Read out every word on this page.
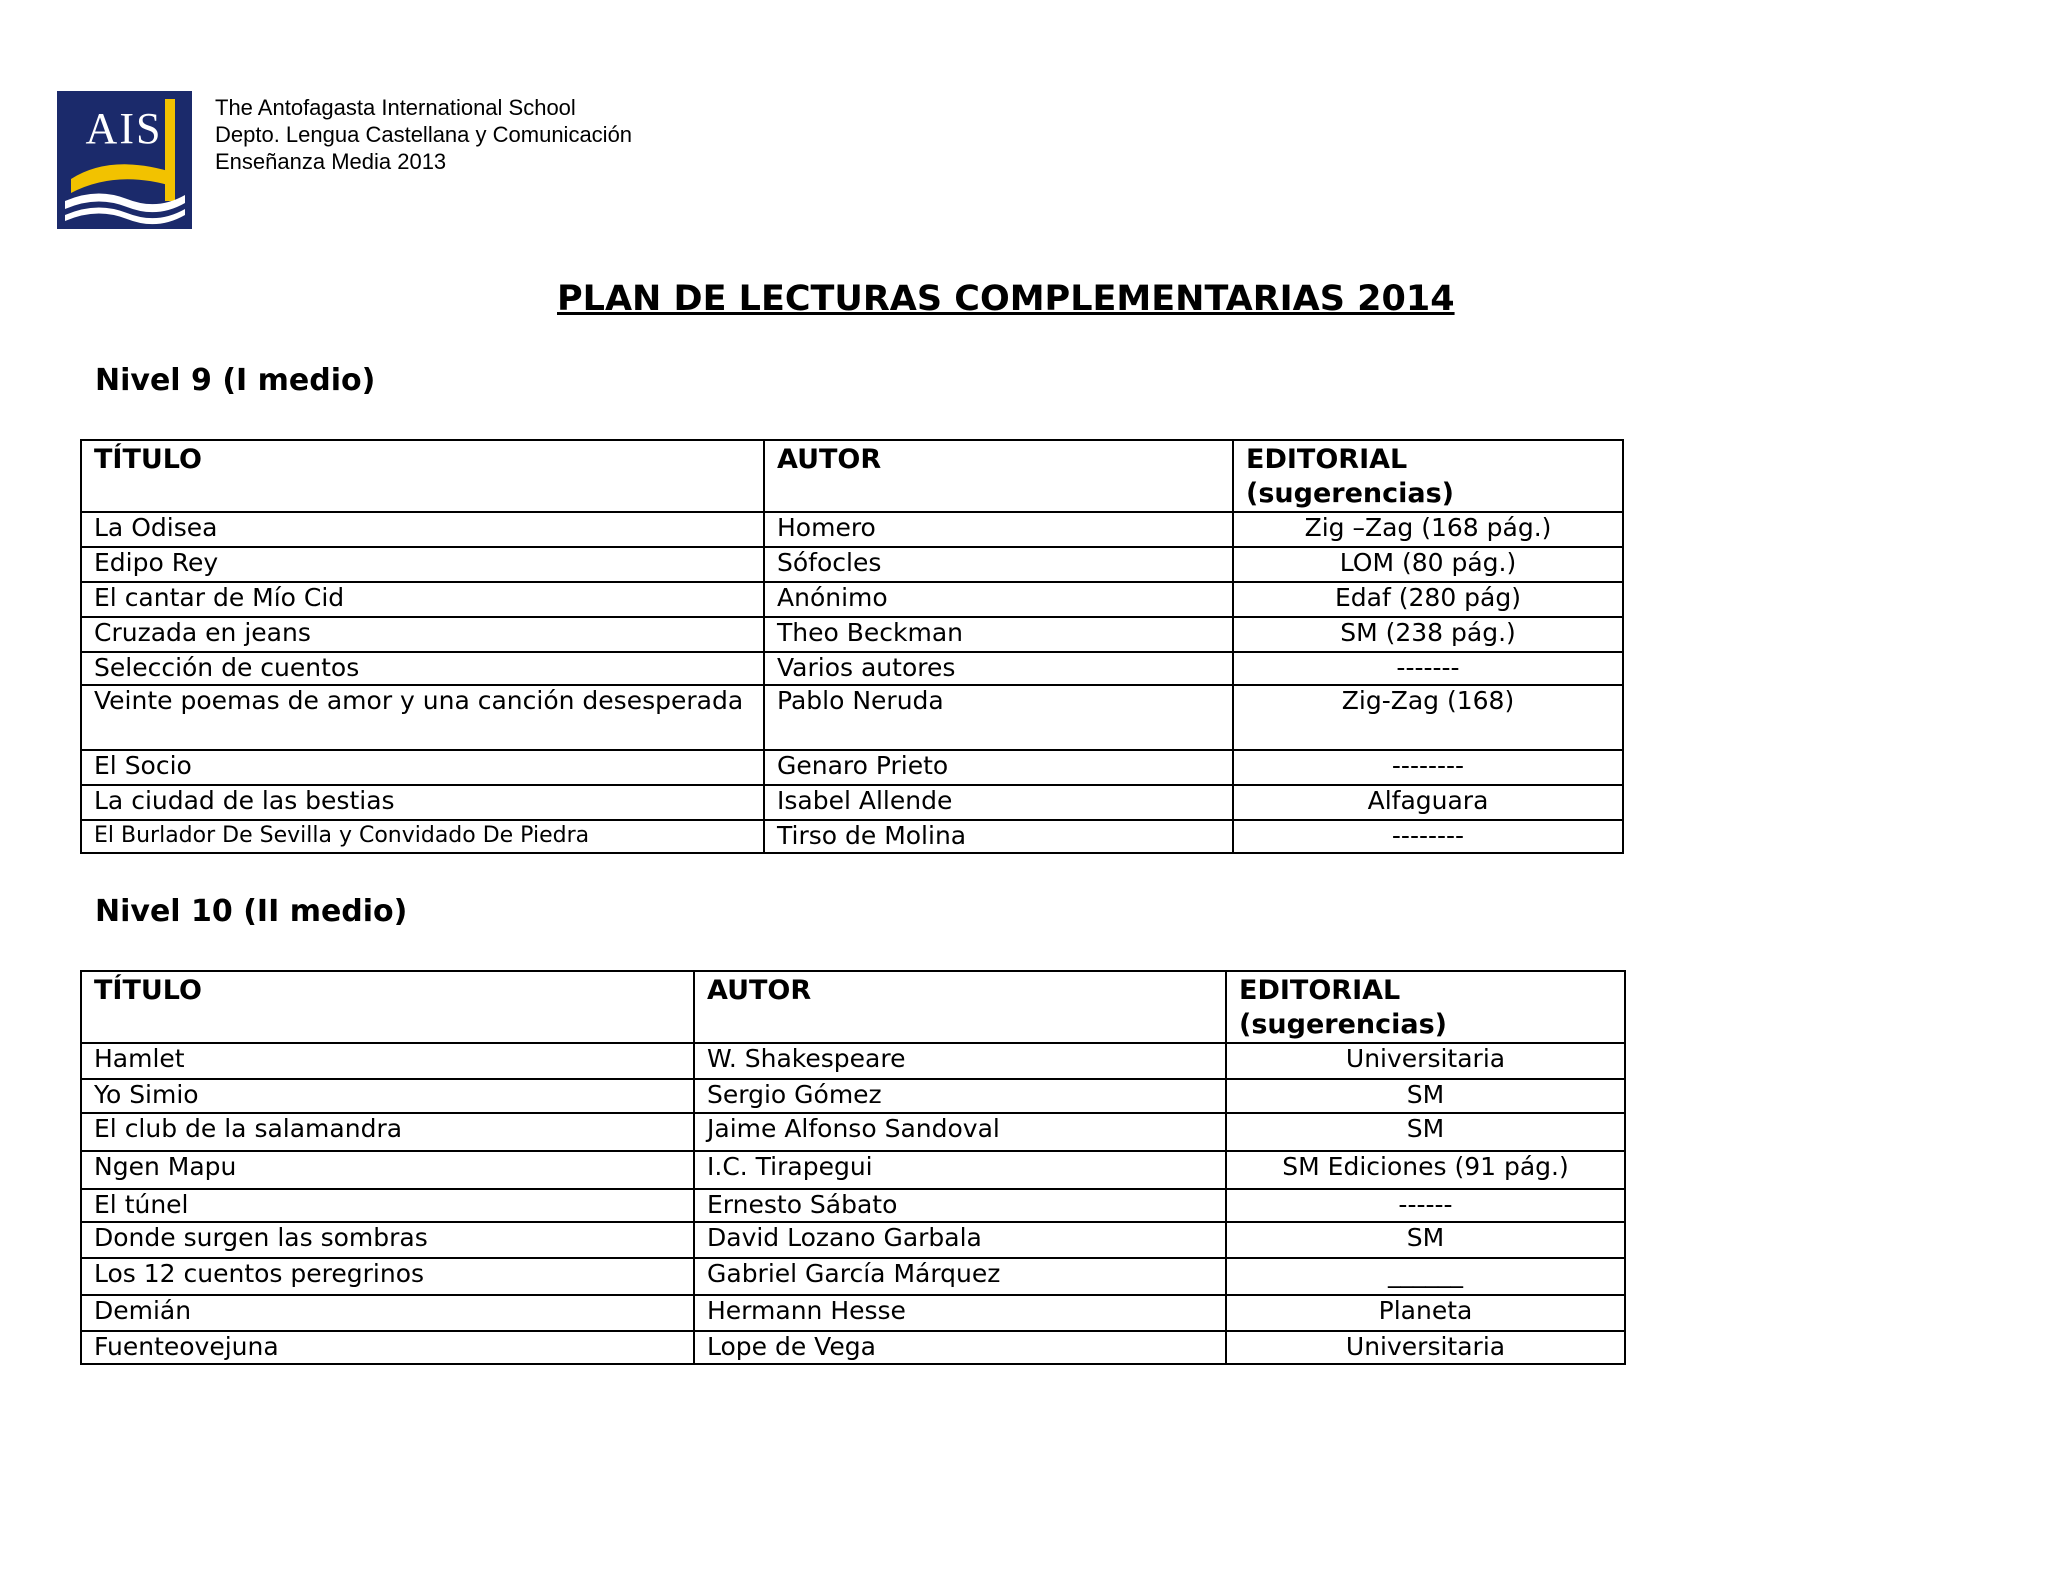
AIS The Antofagasta International School
Depto. Lengua Castellana y Comunicación
Enseñanza Media 2013
PLAN DE LECTURAS COMPLEMENTARIAS 2014
Nivel 9 (I medio)
TÍTULO	AUTOR	EDITORIAL (sugerencias)
La Odisea	Homero	Zig –Zag (168 pág.)
Edipo Rey	Sófocles	LOM (80 pág.)
El cantar de Mío Cid	Anónimo	Edaf (280 pág)
Cruzada en jeans	Theo Beckman	SM (238 pág.)
Selección de cuentos	Varios autores	-------
Veinte poemas de amor y una canción desesperada	Pablo Neruda	Zig-Zag (168)
El Socio	Genaro Prieto	--------
La ciudad de las bestias	Isabel Allende	Alfaguara
El Burlador De Sevilla y Convidado De Piedra	Tirso de Molina	--------
Nivel 10 (II medio)
TÍTULO	AUTOR	EDITORIAL (sugerencias)
Hamlet	W. Shakespeare	Universitaria
Yo Simio	Sergio Gómez	SM
El club de la salamandra	Jaime Alfonso Sandoval	SM
Ngen Mapu	I.C. Tirapegui	SM Ediciones (91 pág.)
El túnel	Ernesto Sábato	------
Donde surgen las sombras	David Lozano Garbala	SM
Los 12 cuentos peregrinos	Gabriel García Márquez	______
Demián	Hermann Hesse	Planeta
Fuenteovejuna	Lope de Vega	Universitaria
